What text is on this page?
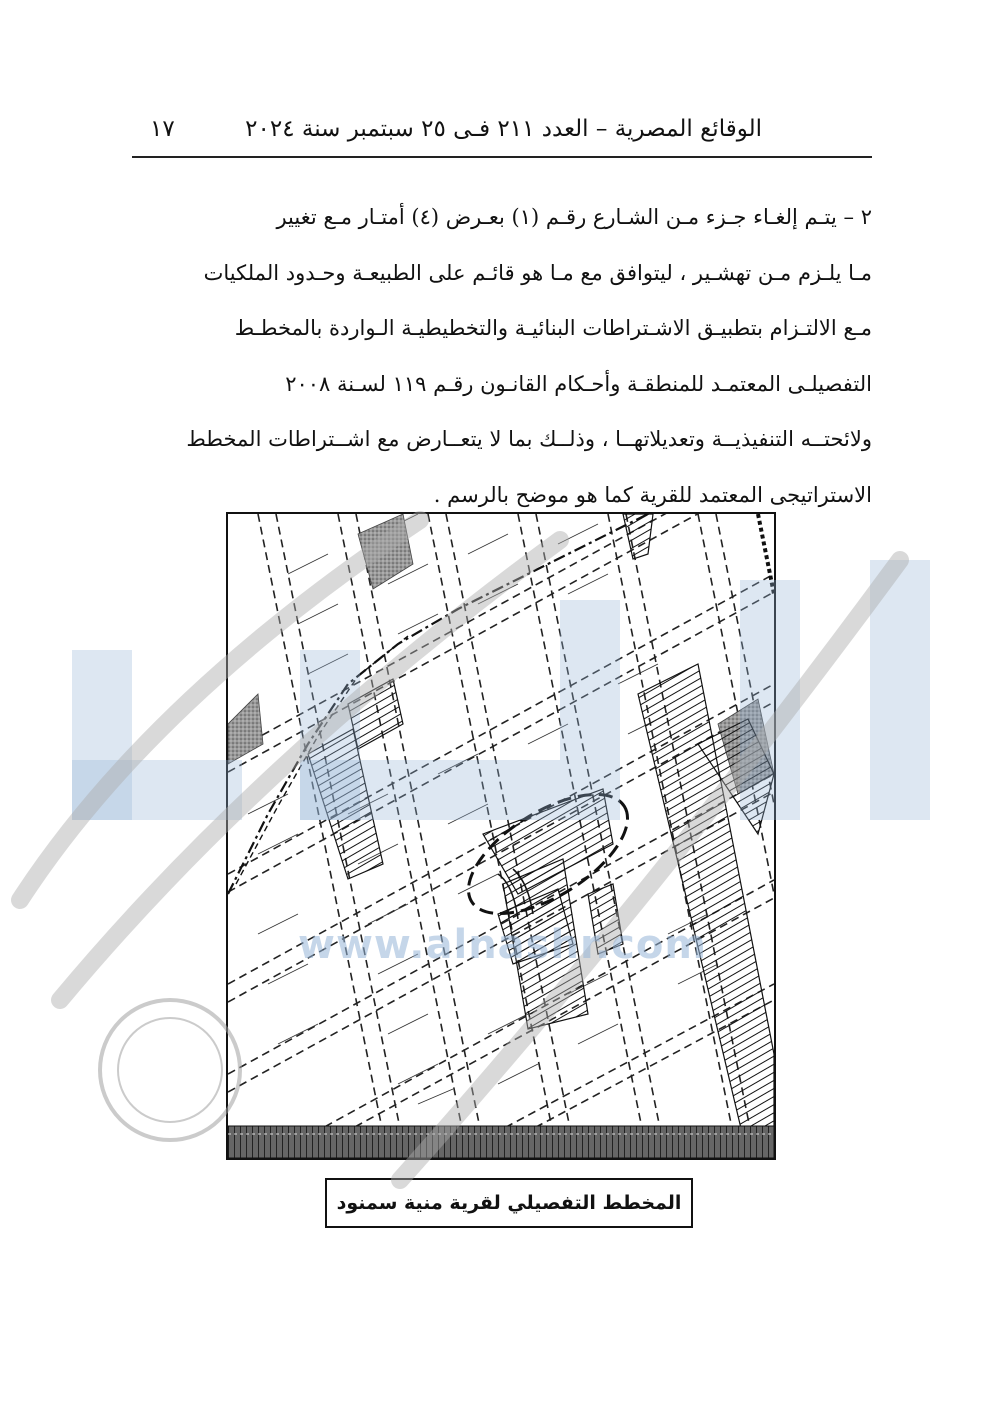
الوقائع المصرية – العدد ٢١١ فـى ٢٥ سبتمبر سنة ٢٠٢٤
١٧

٢ – يتـم إلغـاء جـزء مـن الشـارع رقـم (١) بعـرض (٤) أمتـار مـع تغيير

مـا يلـزم مـن تهشـير ، ليتوافق مع مـا هو قائـم على الطبيعـة وحـدود الملكيات

مـع الالتـزام بتطبيـق الاشـتراطات البنائيـة والتخطيطيـة الـواردة بالمخطـط

التفصيلـى المعتمـد للمنطقـة وأحـكام القانـون رقـم ١١٩ لسـنة ٢٠٠٨

ولائحتــه التنفيذيــة وتعديلاتهــا ، وذلــك بما لا يتعــارض مع اشــتراطات المخطط

الاستراتيجى المعتمد للقرية كما هو موضح بالرسم .

المخطط التفصيلي لقرية منية سمنود
www.alnashr.com
